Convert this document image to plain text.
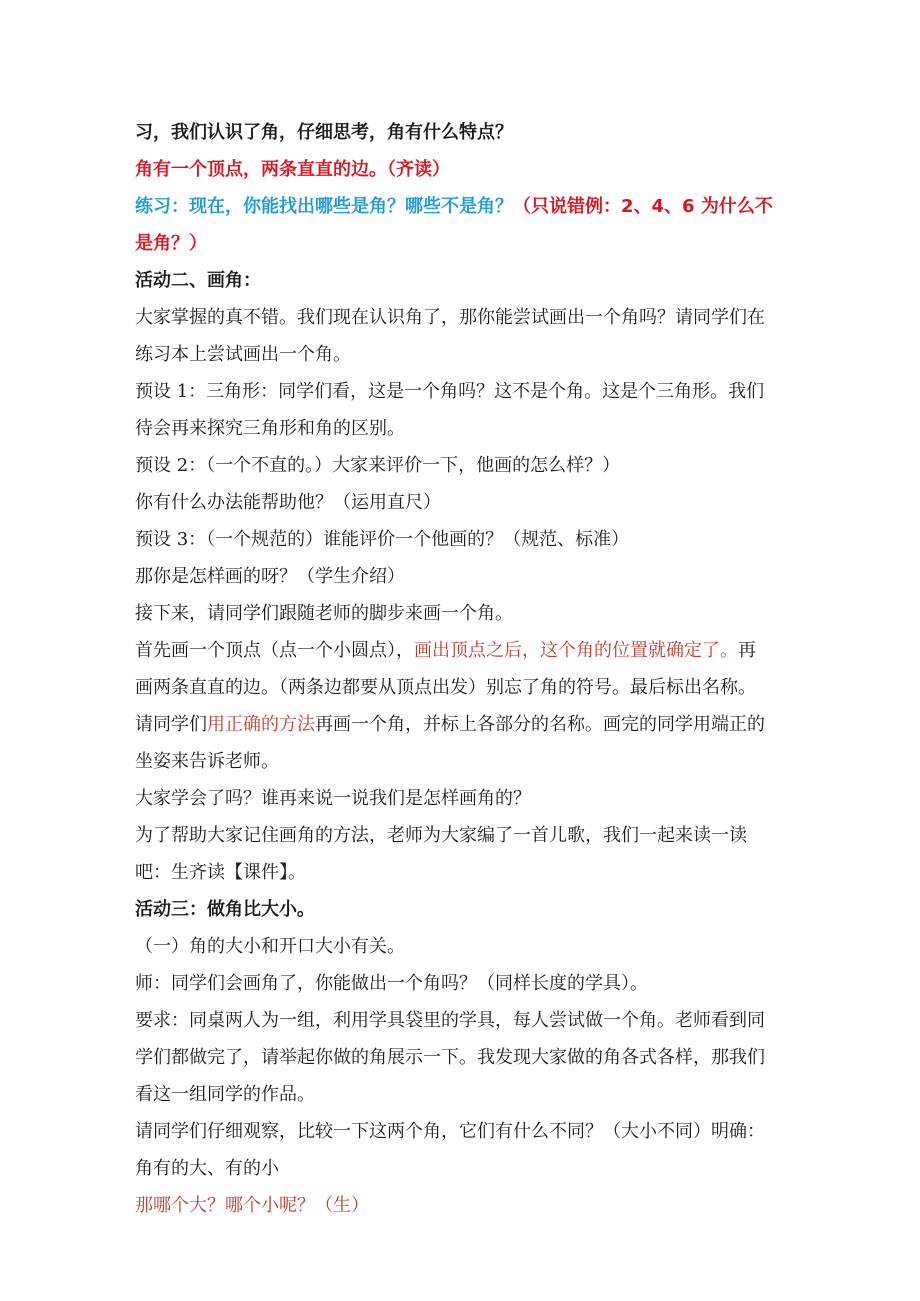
习，我们认识了角，仔细思考，角有什么特点？
角有一个顶点，两条直直的边。（齐读）
练习：现在，你能找出哪些是角？哪些不是角？（只说错例：2、4、6 为什么不
是角？）
活动二、画角：
大家掌握的真不错。我们现在认识角了，那你能尝试画出一个角吗？请同学们在
练习本上尝试画出一个角。
预设 1：三角形：同学们看，这是一个角吗？这不是个角。这是个三角形。我们
待会再来探究三角形和角的区别。
预设 2：（一个不直的。）大家来评价一下，他画的怎么样？）
你有什么办法能帮助他？（运用直尺）
预设 3：（一个规范的）谁能评价一个他画的？（规范、标准）
那你是怎样画的呀？（学生介绍）
接下来，请同学们跟随老师的脚步来画一个角。
首先画一个顶点（点一个小圆点），画出顶点之后，这个角的位置就确定了。再
画两条直直的边。（两条边都要从顶点出发）别忘了角的符号。最后标出名称。
请同学们用正确的方法再画一个角，并标上各部分的名称。画完的同学用端正的
坐姿来告诉老师。
大家学会了吗？谁再来说一说我们是怎样画角的？
为了帮助大家记住画角的方法，老师为大家编了一首儿歌，我们一起来读一读
吧：生齐读【课件】。
活动三：做角比大小。
（一）角的大小和开口大小有关。
师：同学们会画角了，你能做出一个角吗？（同样长度的学具）。
要求：同桌两人为一组，利用学具袋里的学具，每人尝试做一个角。老师看到同
学们都做完了，请举起你做的角展示一下。我发现大家做的角各式各样，那我们
看这一组同学的作品。
请同学们仔细观察，比较一下这两个角，它们有什么不同？（大小不同）明确：
角有的大、有的小
那哪个大？哪个小呢？（生）
